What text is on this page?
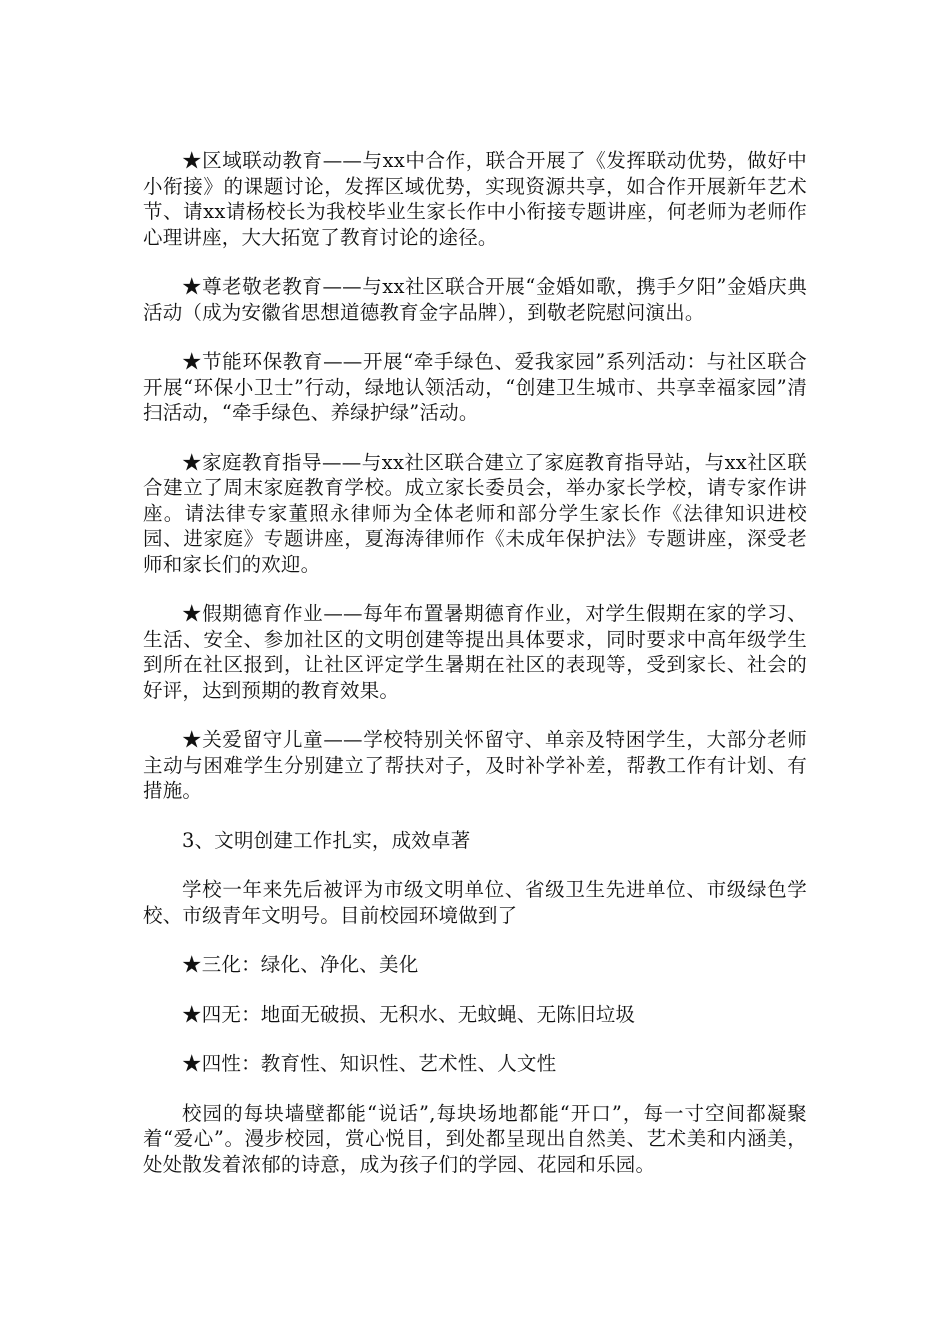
★区域联动教育——与xx中合作，联合开展了《发挥联动优势，做好中小衔接》的课题讨论，发挥区域优势，实现资源共享，如合作开展新年艺术节、请xx请杨校长为我校毕业生家长作中小衔接专题讲座，何老师为老师作心理讲座，大大拓宽了教育讨论的途径。

★尊老敬老教育——与xx社区联合开展“金婚如歌，携手夕阳”金婚庆典活动（成为安徽省思想道德教育金字品牌），到敬老院慰问演出。

★节能环保教育——开展“牵手绿色、爱我家园”系列活动：与社区联合开展“环保小卫士”行动，绿地认领活动，“创建卫生城市、共享幸福家园”清扫活动，“牵手绿色、养绿护绿”活动。

★家庭教育指导——与xx社区联合建立了家庭教育指导站，与xx社区联合建立了周末家庭教育学校。成立家长委员会，举办家长学校，请专家作讲座。请法律专家董照永律师为全体老师和部分学生家长作《法律知识进校园、进家庭》专题讲座，夏海涛律师作《未成年保护法》专题讲座，深受老师和家长们的欢迎。

★假期德育作业——每年布置暑期德育作业，对学生假期在家的学习、生活、安全、参加社区的文明创建等提出具体要求，同时要求中高年级学生到所在社区报到，让社区评定学生暑期在社区的表现等，受到家长、社会的好评，达到预期的教育效果。

★关爱留守儿童——学校特别关怀留守、单亲及特困学生，大部分老师主动与困难学生分别建立了帮扶对子，及时补学补差，帮教工作有计划、有措施。

3、文明创建工作扎实，成效卓著

学校一年来先后被评为市级文明单位、省级卫生先进单位、市级绿色学校、市级青年文明号。目前校园环境做到了

★三化：绿化、净化、美化

★四无：地面无破损、无积水、无蚊蝇、无陈旧垃圾

★四性：教育性、知识性、艺术性、人文性

校园的每块墙壁都能“说话”,每块场地都能“开口”，每一寸空间都凝聚着“爱心”。漫步校园，赏心悦目，到处都呈现出自然美、艺术美和内涵美，处处散发着浓郁的诗意，成为孩子们的学园、花园和乐园。
